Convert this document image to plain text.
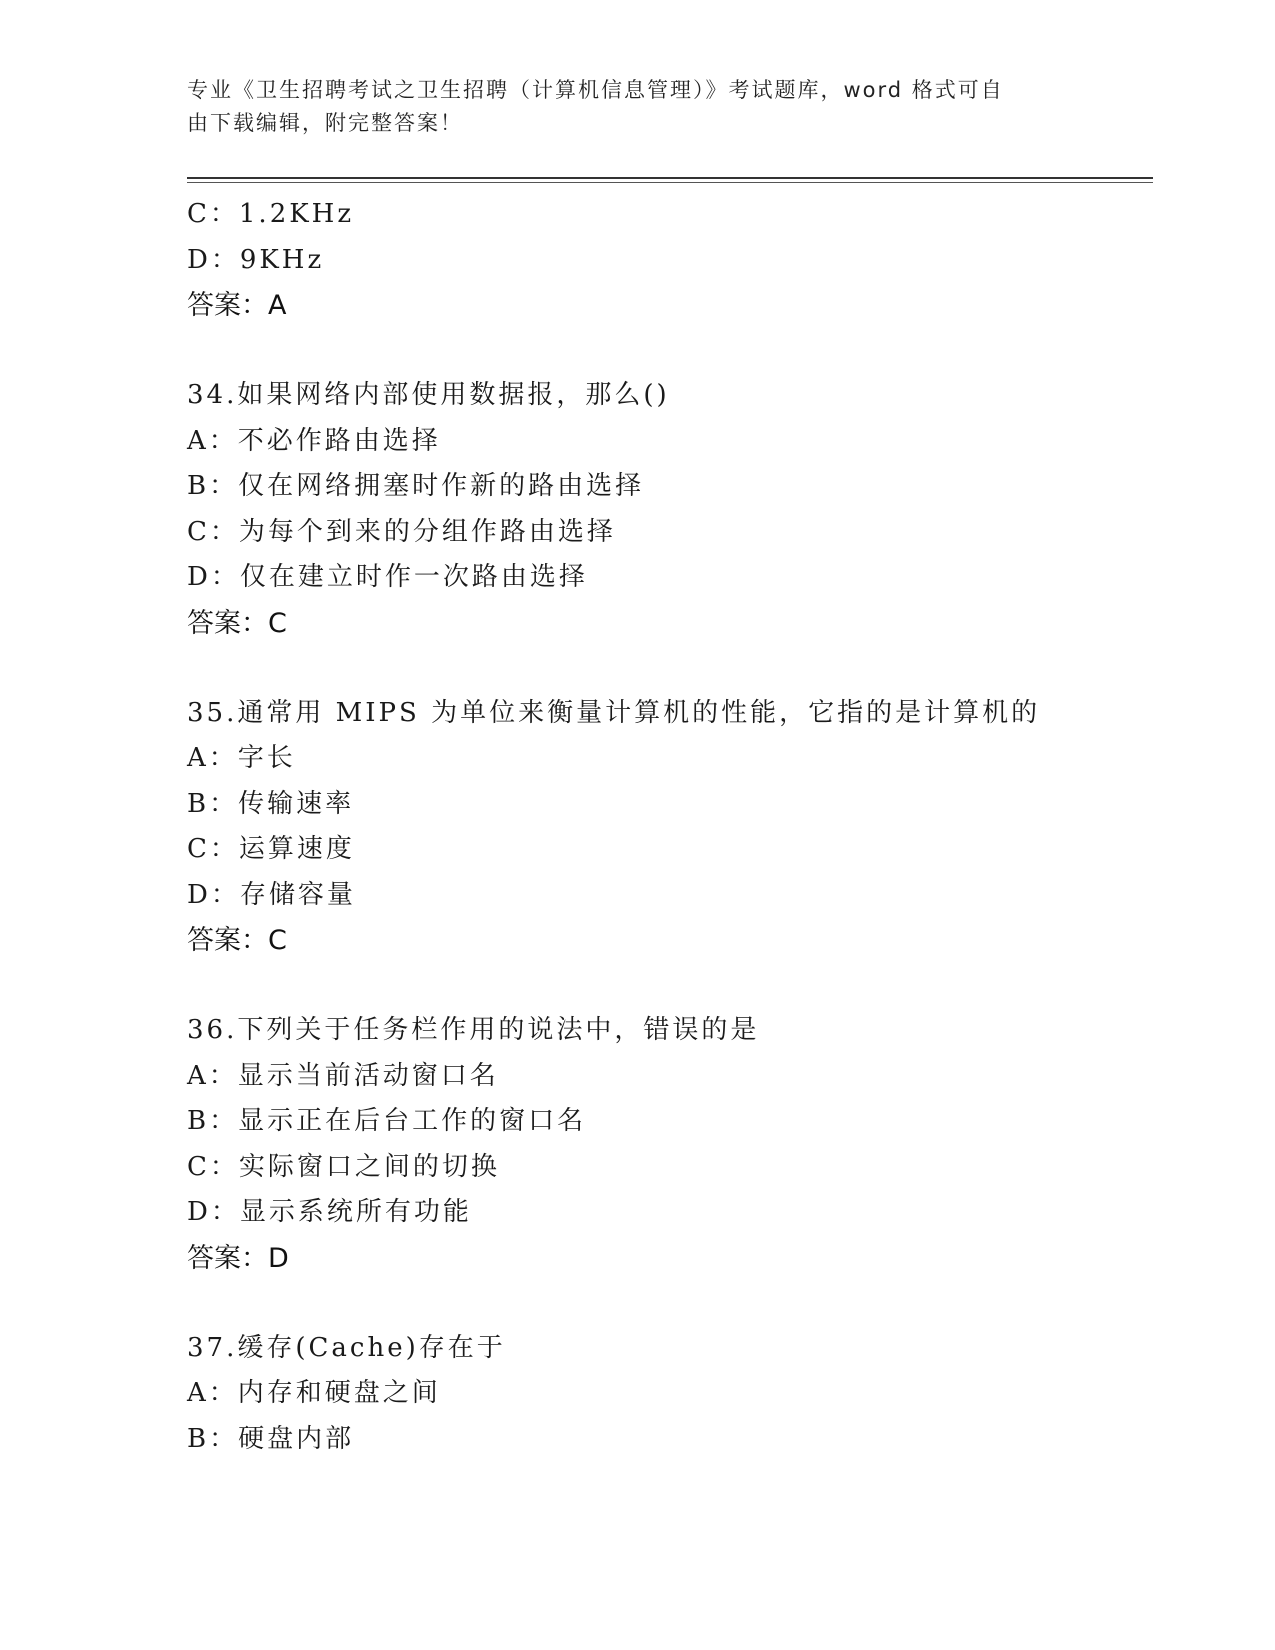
专业《卫生招聘考试之卫生招聘（计算机信息管理）》考试题库，word 格式可自
由下载编辑，附完整答案！
C：1.2KHz
D：9KHz
答案：A
34.如果网络内部使用数据报，那么()
A：不必作路由选择
B：仅在网络拥塞时作新的路由选择
C：为每个到来的分组作路由选择
D：仅在建立时作一次路由选择
答案：C
35.通常用 MIPS 为单位来衡量计算机的性能，它指的是计算机的
A：字长
B：传输速率
C：运算速度
D：存储容量
答案：C
36.下列关于任务栏作用的说法中，错误的是
A：显示当前活动窗口名
B：显示正在后台工作的窗口名
C：实际窗口之间的切换
D：显示系统所有功能
答案：D
37.缓存(Cache)存在于
A：内存和硬盘之间
B：硬盘内部
